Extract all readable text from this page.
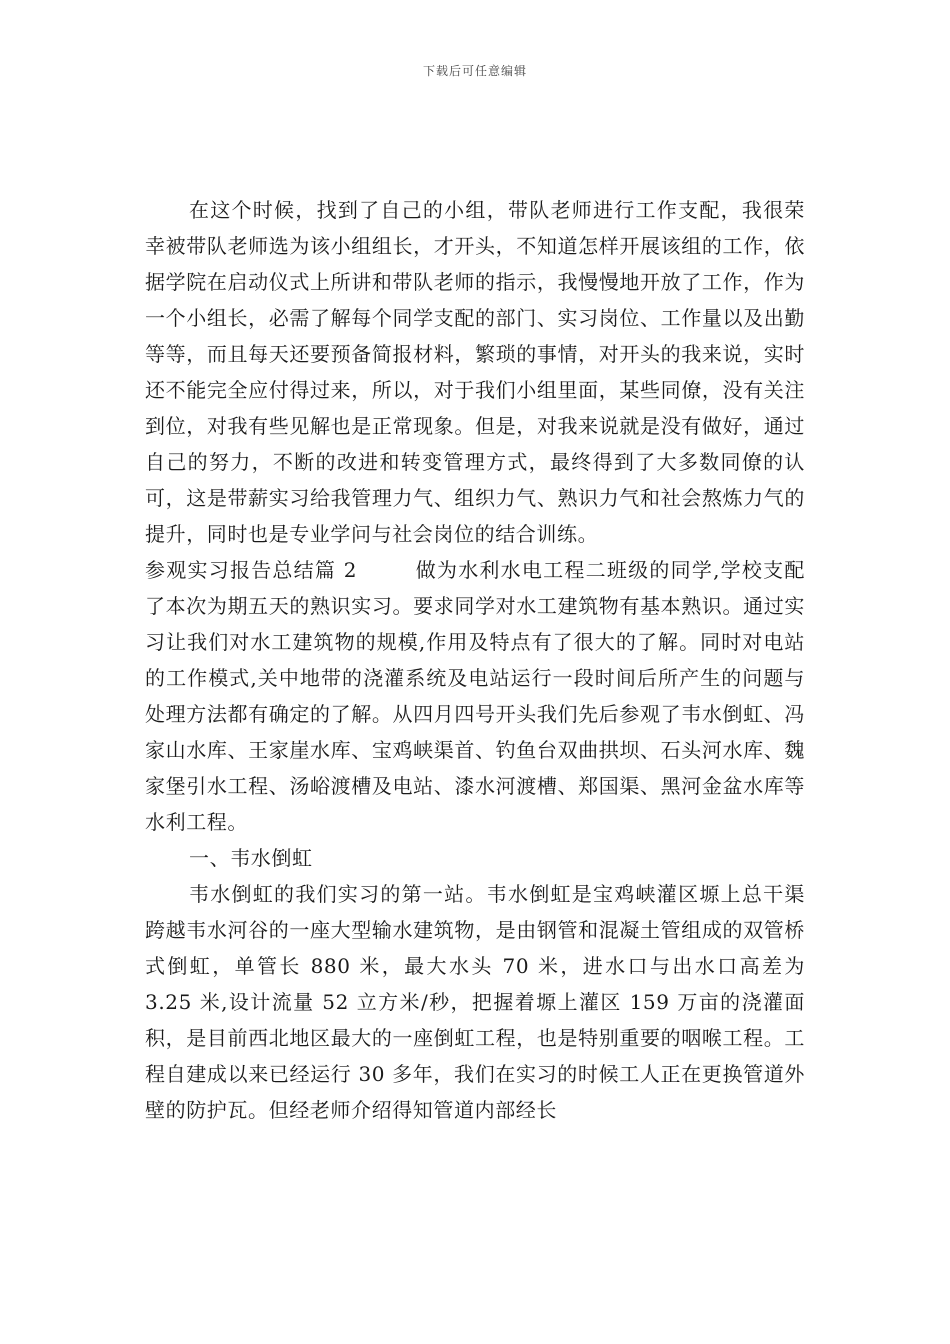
下载后可任意编辑

在这个时候，找到了自己的小组，带队老师进行工作支配，我很荣幸被带队老师选为该小组组长，才开头，不知道怎样开展该组的工作，依据学院在启动仪式上所讲和带队老师的指示，我慢慢地开放了工作，作为一个小组长，必需了解每个同学支配的部门、实习岗位、工作量以及出勤等等，而且每天还要预备简报材料，繁琐的事情，对开头的我来说，实时还不能完全应付得过来，所以，对于我们小组里面，某些同僚，没有关注到位，对我有些见解也是正常现象。但是，对我来说就是没有做好，通过自己的努力，不断的改进和转变管理方式，最终得到了大多数同僚的认可，这是带薪实习给我管理力气、组织力气、熟识力气和社会熬炼力气的提升，同时也是专业学问与社会岗位的结合训练。

参观实习报告总结篇 2	做为水利水电工程二班级的同学,学校支配了本次为期五天的熟识实习。要求同学对水工建筑物有基本熟识。通过实习让我们对水工建筑物的规模,作用及特点有了很大的了解。同时对电站的工作模式,关中地带的浇灌系统及电站运行一段时间后所产生的问题与处理方法都有确定的了解。从四月四号开头我们先后参观了韦水倒虹、冯家山水库、王家崖水库、宝鸡峡渠首、钓鱼台双曲拱坝、石头河水库、魏家堡引水工程、汤峪渡槽及电站、漆水河渡槽、郑国渠、黑河金盆水库等水利工程。

一、韦水倒虹

韦水倒虹的我们实习的第一站。韦水倒虹是宝鸡峡灌区塬上总干渠跨越韦水河谷的一座大型输水建筑物，是由钢管和混凝土管组成的双管桥式倒虹，单管长 880 米，最大水头 70 米，进水口与出水口高差为 3.25 米,设计流量 52 立方米/秒，把握着塬上灌区 159 万亩的浇灌面积，是目前西北地区最大的一座倒虹工程，也是特别重要的咽喉工程。工程自建成以来已经运行 30 多年，我们在实习的时候工人正在更换管道外壁的防护瓦。但经老师介绍得知管道内部经长
